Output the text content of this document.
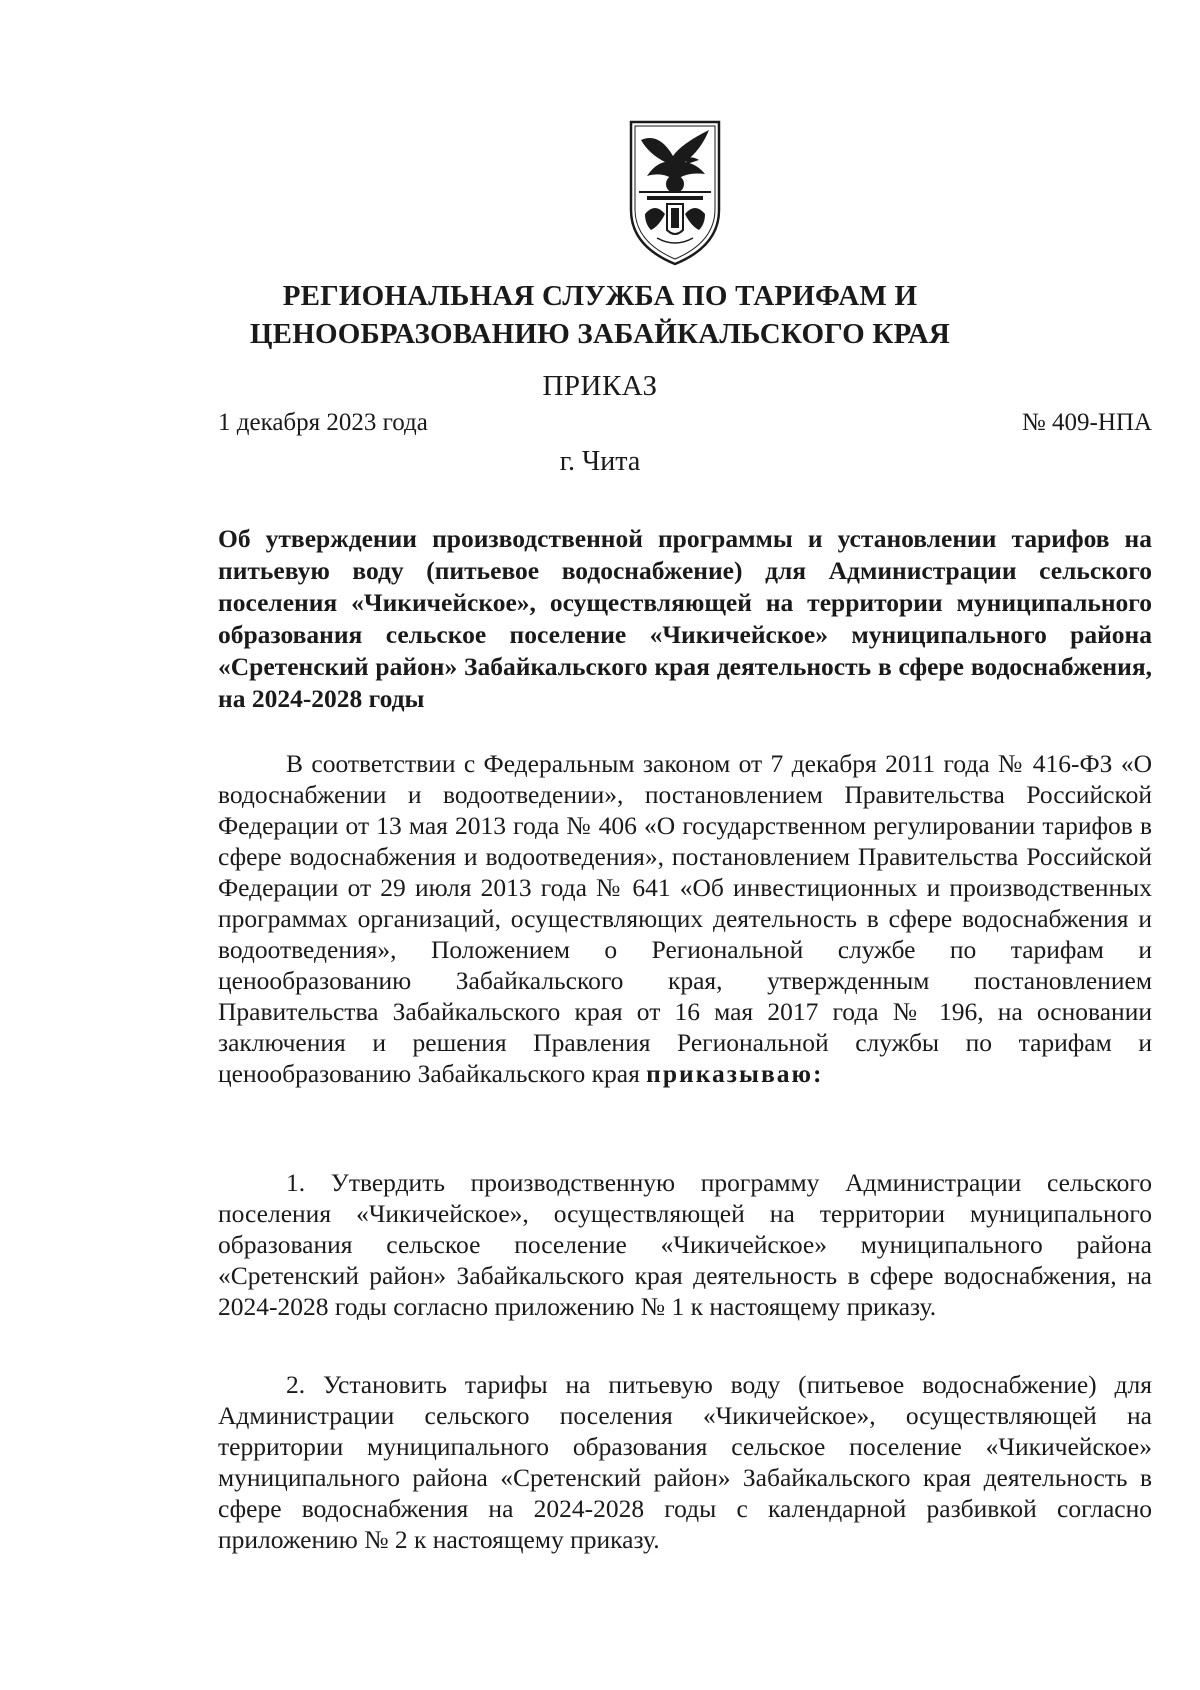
РЕГИОНАЛЬНАЯ СЛУЖБА ПО ТАРИФАМ И
ЦЕНООБРАЗОВАНИЮ ЗАБАЙКАЛЬСКОГО КРАЯ
ПРИКАЗ
1 декабря 2023 года	№ 409-НПА
г. Чита
Об утверждении производственной программы и установлении тарифов на питьевую воду (питьевое водоснабжение) для Администрации сельского поселения «Чикичейское», осуществляющей на территории муниципального образования сельское поселение «Чикичейское» муниципального района «Сретенский район» Забайкальского края деятельность в сфере водоснабжения, на 2024-2028 годы
В соответствии с Федеральным законом от 7 декабря 2011 года № 416-ФЗ «О водоснабжении и водоотведении», постановлением Правительства Российской Федерации от 13 мая 2013 года № 406 «О государственном регулировании тарифов в сфере водоснабжения и водоотведения», постановлением Правительства Российской Федерации от 29 июля 2013 года № 641 «Об инвестиционных и производственных программах организаций, осуществляющих деятельность в сфере водоснабжения и водоотведения», Положением о Региональной службе по тарифам и ценообразованию Забайкальского края, утвержденным постановлением Правительства Забайкальского края от 16 мая 2017 года № 196, на основании заключения и решения Правления Региональной службы по тарифам и ценообразованию Забайкальского края приказываю:
1. Утвердить производственную программу Администрации сельского поселения «Чикичейское», осуществляющей на территории муниципального образования сельское поселение «Чикичейское» муниципального района «Сретенский район» Забайкальского края деятельность в сфере водоснабжения, на 2024-2028 годы согласно приложению № 1 к настоящему приказу.
2. Установить тарифы на питьевую воду (питьевое водоснабжение) для Администрации сельского поселения «Чикичейское», осуществляющей на территории муниципального образования сельское поселение «Чикичейское» муниципального района «Сретенский район» Забайкальского края деятельность в сфере водоснабжения на 2024-2028 годы с календарной разбивкой согласно приложению № 2 к настоящему приказу.
